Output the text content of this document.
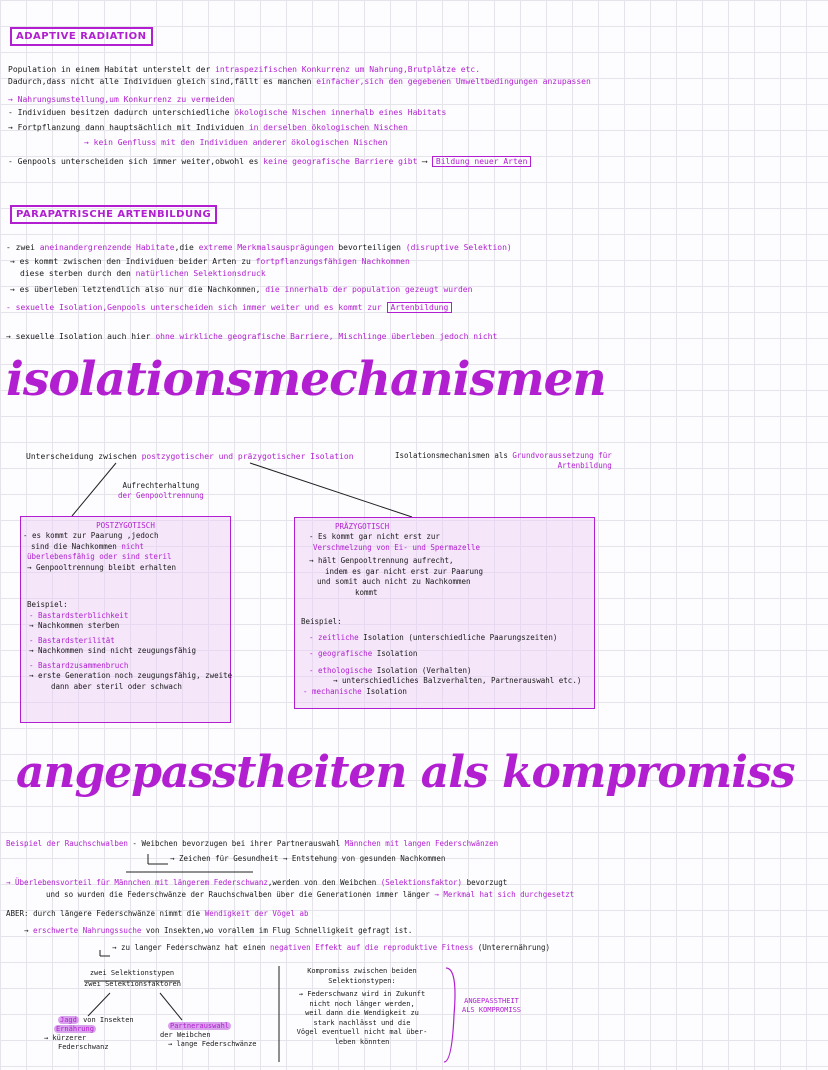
ADAPTIVE RADIATION
Population in einem Habitat unterstelt der intraspezifischen Konkurrenz um Nahrung,Brutplätze etc.
Dadurch,dass nicht alle Individuen gleich sind,fällt es manchen einfacher,sich den gegebenen Umweltbedingungen anzupassen
→ Nahrungsumstellung,um Konkurrenz zu vermeiden
- Individuen besitzen dadurch unterschiedliche ökologische Nischen innerhalb eines Habitats
→ Fortpflanzung dann hauptsächlich mit Individuen in derselben ökologischen Nischen
→ kein Genfluss mit den Individuen anderer ökologischen Nischen
- Genpools unterscheiden sich immer weiter,obwohl es keine geografische Barriere gibt ⟶ Bildung neuer Arten
PARAPATRISCHE ARTENBILDUNG
- zwei aneinandergrenzende Habitate,die extreme Merkmalsausprägungen bevorteiligen (disruptive Selektion)
→ es kommt zwischen den Individuen beider Arten zu fortpflanzungsfähigen Nachkommen
diese sterben durch den natürlichen Selektionsdruck
→ es überleben letztendlich also nur die Nachkommen, die innerhalb der population gezeugt wurden
- sexuelle Isolation,Genpools unterscheiden sich immer weiter und es kommt zur Artenbildung
→ sexuelle Isolation auch hier ohne wirkliche geografische Barriere, Mischlinge überleben jedoch nicht
isolationsmechanismen
Unterscheidung zwischen postzygotischer und präzygotischer Isolation	Isolationsmechanismen als Grundvoraussetzung für
Artenbildung
Aufrechterhaltung
der Genpooltrennung
POSTZYGOTISCH
- es kommt zur Paarung ,jedoch
sind die Nachkommen nicht
überlebensfähig oder sind steril
→ Genpooltrennung bleibt erhalten
Beispiel:
- Bastardsterblichkeit
→ Nachkommen sterben
- Bastardsterilität
→ Nachkommen sind nicht zeugungsfähig
- Bastardzusammenbruch
→ erste Generation noch zeugungsfähig, zweite
dann aber steril oder schwach
PRÄZYGOTISCH
- Es kommt gar nicht erst zur
Verschmelzung von Ei- und Spermazelle
→ hält Genpooltrennung aufrecht,
indem es gar nicht erst zur Paarung
und somit auch nicht zu Nachkommen
kommt
Beispiel:
- zeitliche Isolation (unterschiedliche Paarungszeiten)
- geografische Isolation
- ethologische Isolation (Verhalten)
→ unterschiedliches Balzverhalten, Partnerauswahl etc.)
- mechanische Isolation
angepasstheiten als kompromiss
Beispiel der Rauchschwalben - Weibchen bevorzugen bei ihrer Partnerauswahl Männchen mit langen Federschwänzen
→ Zeichen für Gesundheit → Entstehung von gesunden Nachkommen
→ Überlebensvorteil für Männchen mit längerem Federschwanz,werden von den Weibchen (Selektionsfaktor) bevorzugt
und so wurden die Federschwänze der Rauchschwalben über die Generationen immer länger → Merkmal hat sich durchgesetzt
ABER: durch längere Federschwänze nimmt die Wendigkeit der Vögel ab
→ erschwerte Nahrungssuche von Insekten,wo vorallem im Flug Schnelligkeit gefragt ist.
→ zu langer Federschwanz hat einen negativen Effekt auf die reproduktive Fitness (Unterernährung)
zwei Selektionstypen
zwei Selektionsfaktoren
Jagd von Insekten
Ernährung
→ kürzerer
Federschwanz
Partnerauswahl
der Weibchen
→ lange Federschwänze
Kompromiss zwischen beiden
Selektionstypen:
→ Federschwanz wird in Zukunft
nicht noch länger werden,
weil dann die Wendigkeit zu
stark nachlässt und die
Vögel eventuell nicht mal über-
leben könnten
ANGEPASSTHEIT
ALS KOMPROMISS
